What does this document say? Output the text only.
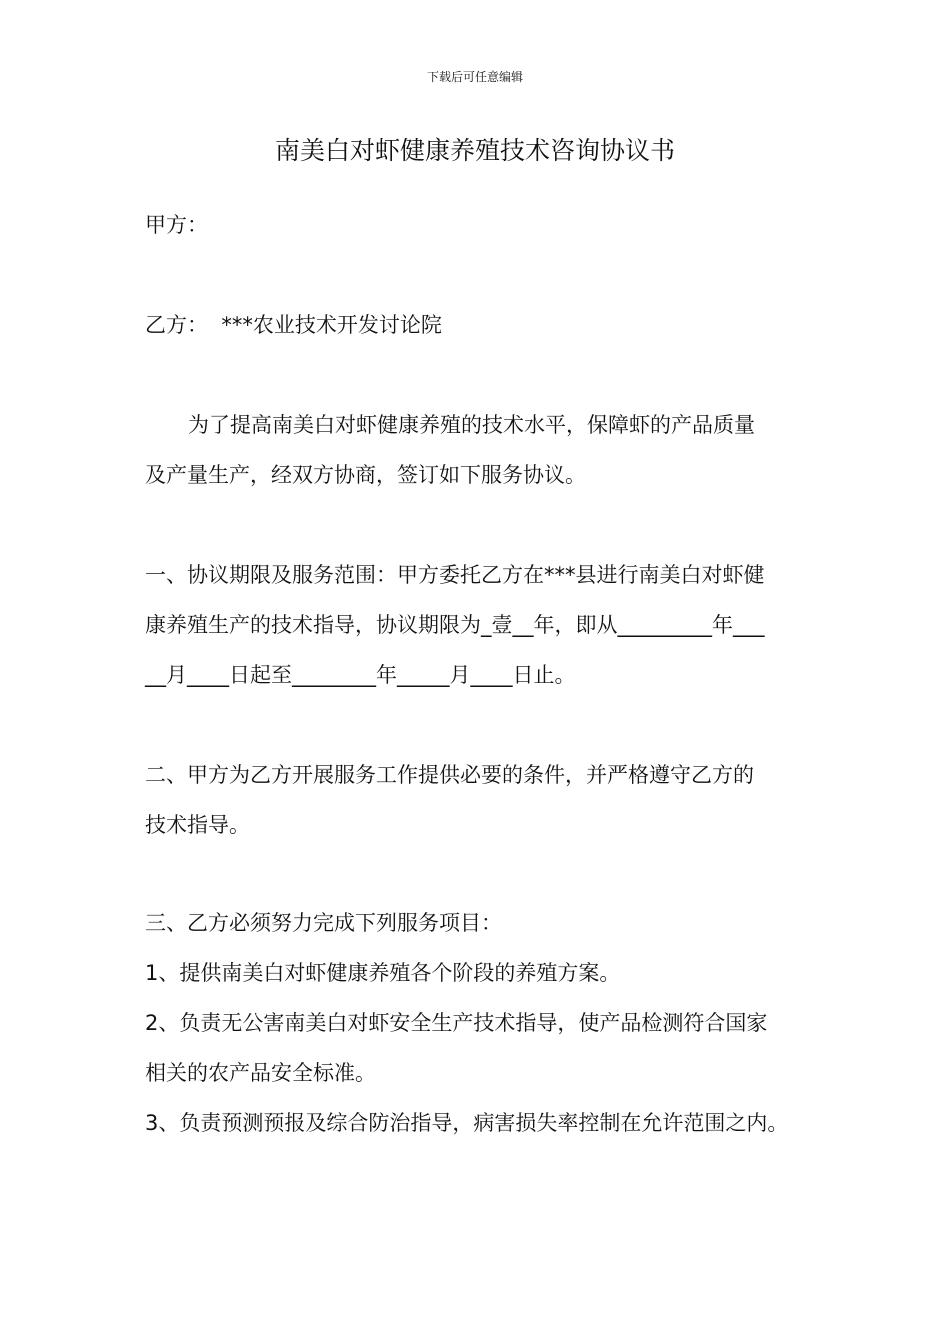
下载后可任意编辑
南美白对虾健康养殖技术咨询协议书
甲方：
乙方：  ***农业技术开发讨论院
为了提高南美白对虾健康养殖的技术水平，保障虾的产品质量
及产量生产，经双方协商，签订如下服务协议。
一、协议期限及服务范围：甲方委托乙方在***县进行南美白对虾健
康养殖生产的技术指导，协议期限为_壹__年，即从_________年___
__月____日起至________年_____月____日止。
二、甲方为乙方开展服务工作提供必要的条件，并严格遵守乙方的
技术指导。
三、乙方必须努力完成下列服务项目：
1、提供南美白对虾健康养殖各个阶段的养殖方案。
2、负责无公害南美白对虾安全生产技术指导，使产品检测符合国家
相关的农产品安全标准。
3、负责预测预报及综合防治指导，病害损失率控制在允许范围之内。
